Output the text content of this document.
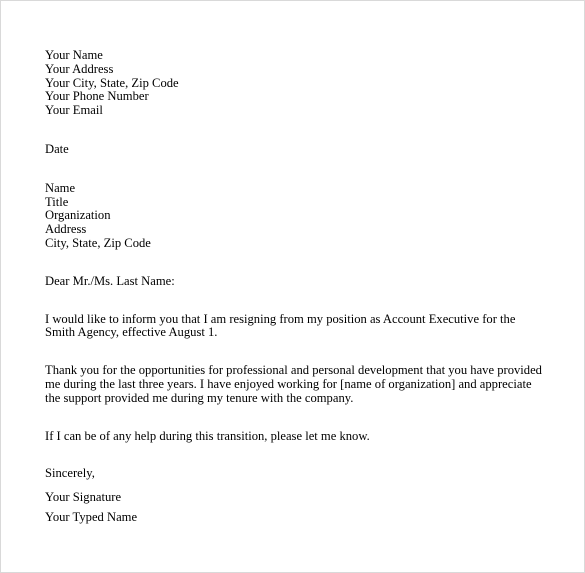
Your Name
Your Address
Your City, State, Zip Code
Your Phone Number
Your Email
Date
Name
Title
Organization
Address
City, State, Zip Code
Dear Mr./Ms. Last Name:
I would like to inform you that I am resigning from my position as Account Executive for the Smith Agency, effective August 1.
Thank you for the opportunities for professional and personal development that you have provided me during the last three years. I have enjoyed working for [name of organization] and appreciate the support provided me during my tenure with the company.
If I can be of any help during this transition, please let me know.
Sincerely,
Your Signature
Your Typed Name
